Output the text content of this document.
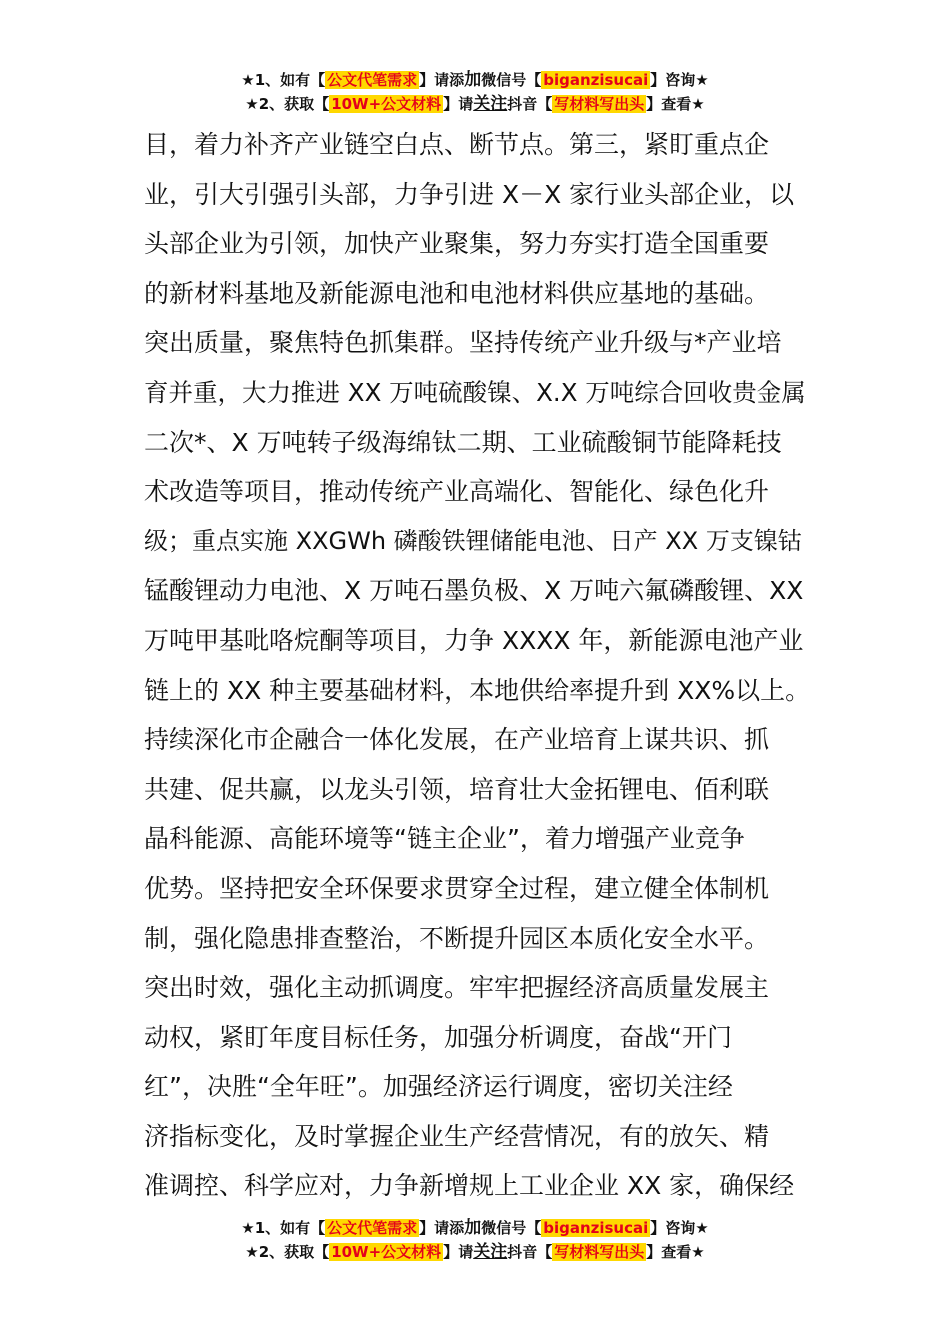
★1、如有【 公文代笔需求 】请添加微信号【 biganzisucai 】咨询★
★2、获取【 10W+公文材料 】请关注抖音【 写材料写出头 】查看★
目，着力补齐产业链空白点、断节点。第三，紧盯重点企
业，引大引强引头部，力争引进 X－X 家行业头部企业，以
头部企业为引领，加快产业聚集，努力夯实打造全国重要
的新材料基地及新能源电池和电池材料供应基地的基础。
突出质量，聚焦特色抓集群。坚持传统产业升级与*产业培
育并重，大力推进 XX 万吨硫酸镍、X.X 万吨综合回收贵金属
二次*、X 万吨转子级海绵钛二期、工业硫酸铜节能降耗技
术改造等项目，推动传统产业高端化、智能化、绿色化升
级；重点实施 XXGWh 磷酸铁锂储能电池、日产 XX 万支镍钴
锰酸锂动力电池、X 万吨石墨负极、X 万吨六氟磷酸锂、XX
万吨甲基吡咯烷酮等项目，力争 XXXX 年，新能源电池产业
链上的 XX 种主要基础材料，本地供给率提升到 XX%以上。
持续深化市企融合一体化发展，在产业培育上谋共识、抓
共建、促共赢，以龙头引领，培育壮大金拓锂电、佰利联
晶科能源、高能环境等“链主企业”，着力增强产业竞争
优势。坚持把安全环保要求贯穿全过程，建立健全体制机
制，强化隐患排查整治，不断提升园区本质化安全水平。
突出时效，强化主动抓调度。牢牢把握经济高质量发展主
动权，紧盯年度目标任务，加强分析调度，奋战“开门
红”，决胜“全年旺”。加强经济运行调度，密切关注经
济指标变化，及时掌握企业生产经营情况，有的放矢、精
准调控、科学应对，力争新增规上工业企业 XX 家，确保经
★1、如有【 公文代笔需求 】请添加微信号【 biganzisucai 】咨询★
★2、获取【 10W+公文材料 】请关注抖音【 写材料写出头 】查看★
